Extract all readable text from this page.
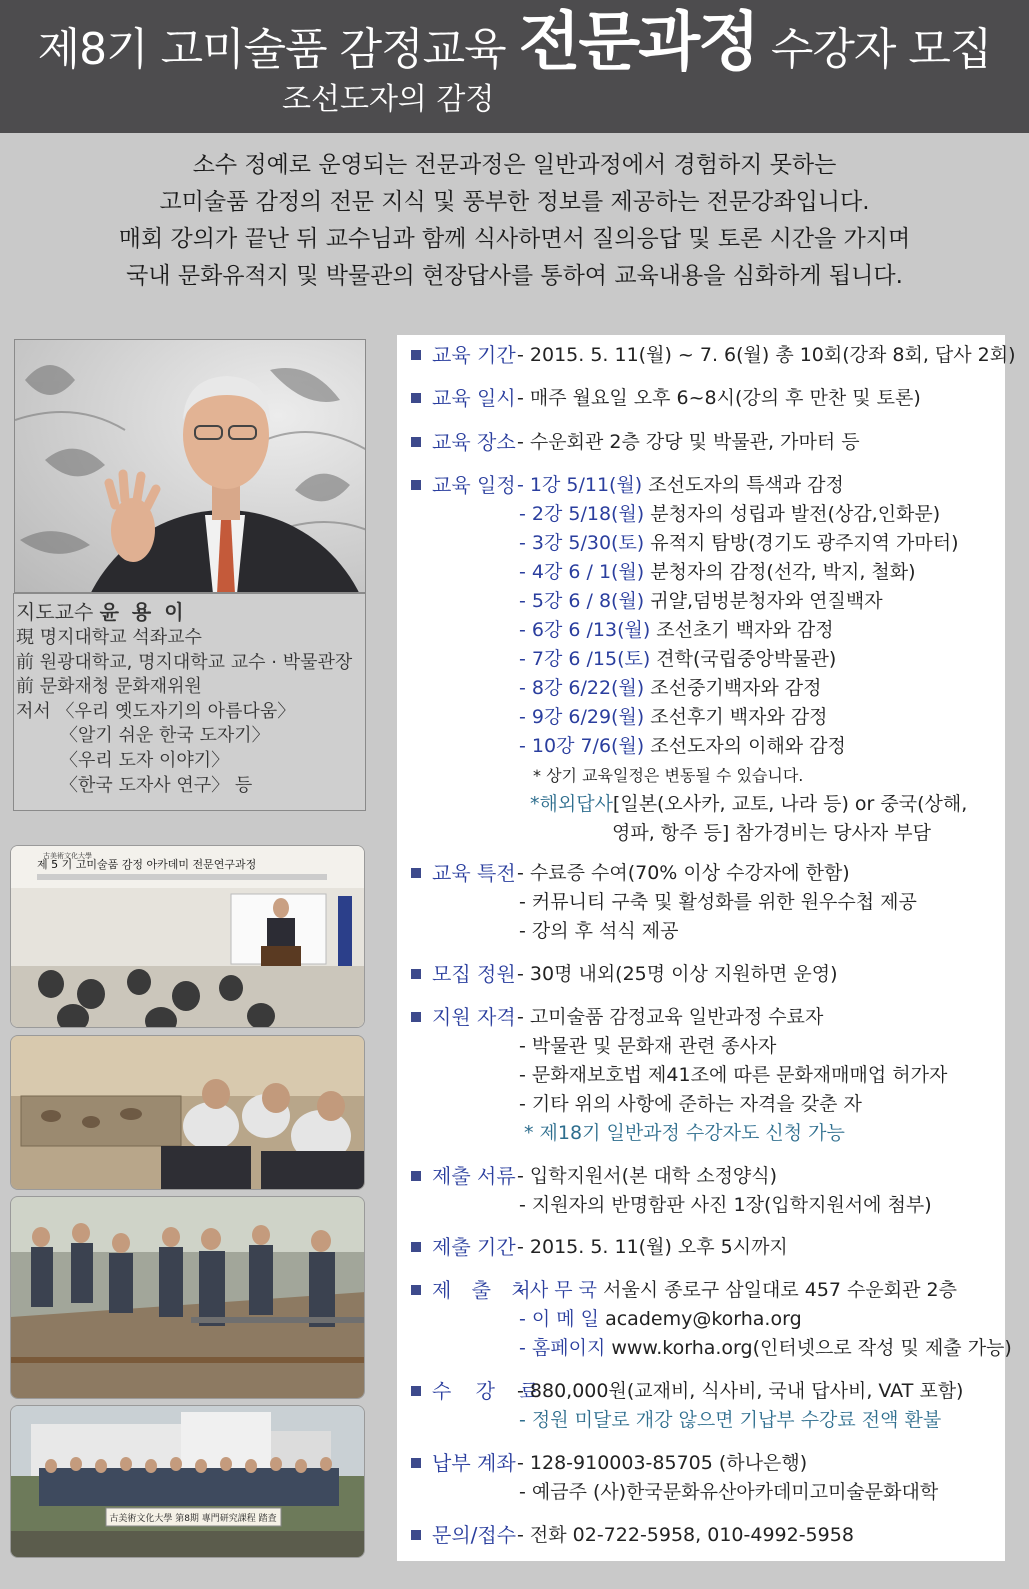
제8기 고미술품 감정교육 전문과정 수강자 모집
조선도자의 감정
소수 정예로 운영되는 전문과정은 일반과정에서 경험하지 못하는
고미술품 감정의 전문 지식 및 풍부한 정보를 제공하는 전문강좌입니다.
매회 강의가 끝난 뒤 교수님과 함께 식사하면서 질의응답 및 토론 시간을 가지며
국내 문화유적지 및 박물관의 현장답사를 통하여 교육내용을 심화하게 됩니다.
지도교수 윤 용 이
現 명지대학교 석좌교수
前 원광대학교, 명지대학교 교수 · 박물관장
前 문화재청 문화재위원
저서 〈우리 옛도자기의 아름다움〉
〈알기 쉬운 한국 도자기〉
〈우리 도자 이야기〉
〈한국 도자사 연구〉 등
古美術文化大學
제 5 기 고미술품 감정 아카데미 전문연구과정
古美術文化大學 第8期 專門研究課程 踏査
교육 기간 - 2015. 5. 11(월) ~ 7. 6(월) 총 10회(강좌 8회, 답사 2회)
교육 일시 - 매주 월요일 오후 6~8시(강의 후 만찬 및 토론)
교육 장소 - 수운회관 2층 강당 및 박물관, 가마터 등
교육 일정 - 1강 5/11(월) 조선도자의 특색과 감정
- 2강 5/18(월) 분청자의 성립과 발전(상감,인화문)
- 3강 5/30(토) 유적지 탐방(경기도 광주지역 가마터)
- 4강 6 / 1(월) 분청자의 감정(선각, 박지, 철화)
- 5강 6 / 8(월) 귀얄,덤벙분청자와 연질백자
- 6강 6 /13(월) 조선초기 백자와 감정
- 7강 6 /15(토) 견학(국립중앙박물관)
- 8강 6/22(월) 조선중기백자와 감정
- 9강 6/29(월) 조선후기 백자와 감정
- 10강 7/6(월) 조선도자의 이해와 감정
* 상기 교육일정은 변동될 수 있습니다.
*해외답사[일본(오사카, 교토, 나라 등) or 중국(상해,
영파, 항주 등] 참가경비는 당사자 부담
교육 특전 - 수료증 수여(70% 이상 수강자에 한함)
- 커뮤니티 구축 및 활성화를 위한 원우수첩 제공
- 강의 후 석식 제공
모집 정원 - 30명 내외(25명 이상 지원하면 운영)
지원 자격 - 고미술품 감정교육 일반과정 수료자
- 박물관 및 문화재 관련 종사자
- 문화재보호법 제41조에 따른 문화재매매업 허가자
- 기타 위의 사항에 준하는 자격을 갖춘 자
* 제18기 일반과정 수강자도 신청 가능
제출 서류 - 입학지원서(본 대학 소정양식)
- 지원자의 반명함판 사진 1장(입학지원서에 첨부)
제출 기간 - 2015. 5. 11(월) 오후 5시까지
제 출 처
- 사 무 국 서울시 종로구 삼일대로 457 수운회관 2층
- 이 메 일 academy@korha.org
- 홈페이지 www.korha.org(인터넷으로 작성 및 제출 가능)
수 강 료
- 880,000원(교재비, 식사비, 국내 답사비, VAT 포함)
- 정원 미달로 개강 않으면 기납부 수강료 전액 환불
납부 계좌 - 128-910003-85705 (하나은행)
- 예금주 (사)한국문화유산아카데미고미술문화대학
문의/접수 - 전화 02-722-5958, 010-4992-5958
